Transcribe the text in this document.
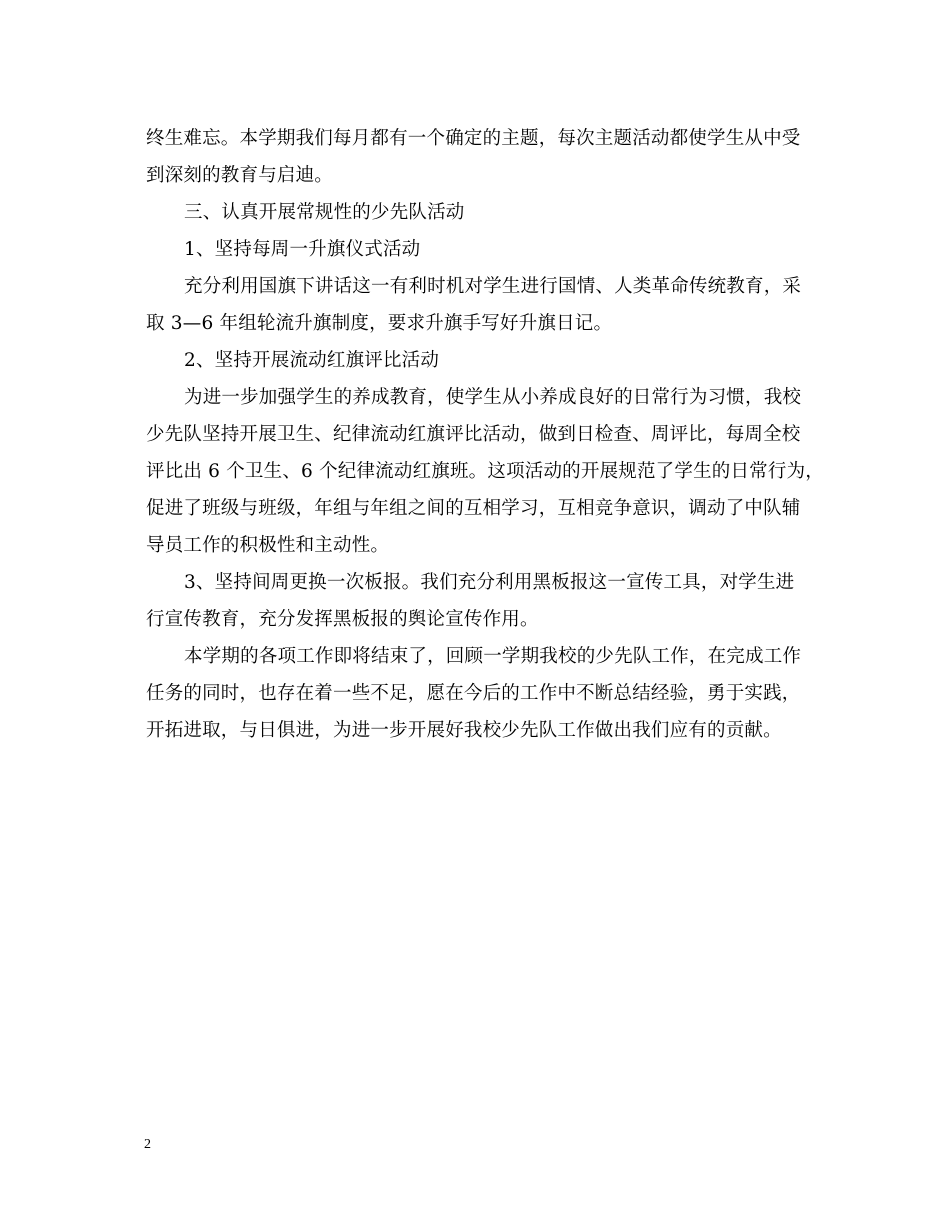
终生难忘。本学期我们每月都有一个确定的主题，每次主题活动都使学生从中受
到深刻的教育与启迪。
三、认真开展常规性的少先队活动
1、坚持每周一升旗仪式活动
充分利用国旗下讲话这一有利时机对学生进行国情、人类革命传统教育，采
取 3—6 年组轮流升旗制度，要求升旗手写好升旗日记。
2、坚持开展流动红旗评比活动
为进一步加强学生的养成教育，使学生从小养成良好的日常行为习惯，我校
少先队坚持开展卫生、纪律流动红旗评比活动，做到日检查、周评比，每周全校
评比出 6 个卫生、6 个纪律流动红旗班。这项活动的开展规范了学生的日常行为，
促进了班级与班级，年组与年组之间的互相学习，互相竞争意识，调动了中队辅
导员工作的积极性和主动性。
3、坚持间周更换一次板报。我们充分利用黑板报这一宣传工具，对学生进
行宣传教育，充分发挥黑板报的舆论宣传作用。
本学期的各项工作即将结束了，回顾一学期我校的少先队工作，在完成工作
任务的同时，也存在着一些不足，愿在今后的工作中不断总结经验，勇于实践，
开拓进取，与日俱进，为进一步开展好我校少先队工作做出我们应有的贡献。
2
